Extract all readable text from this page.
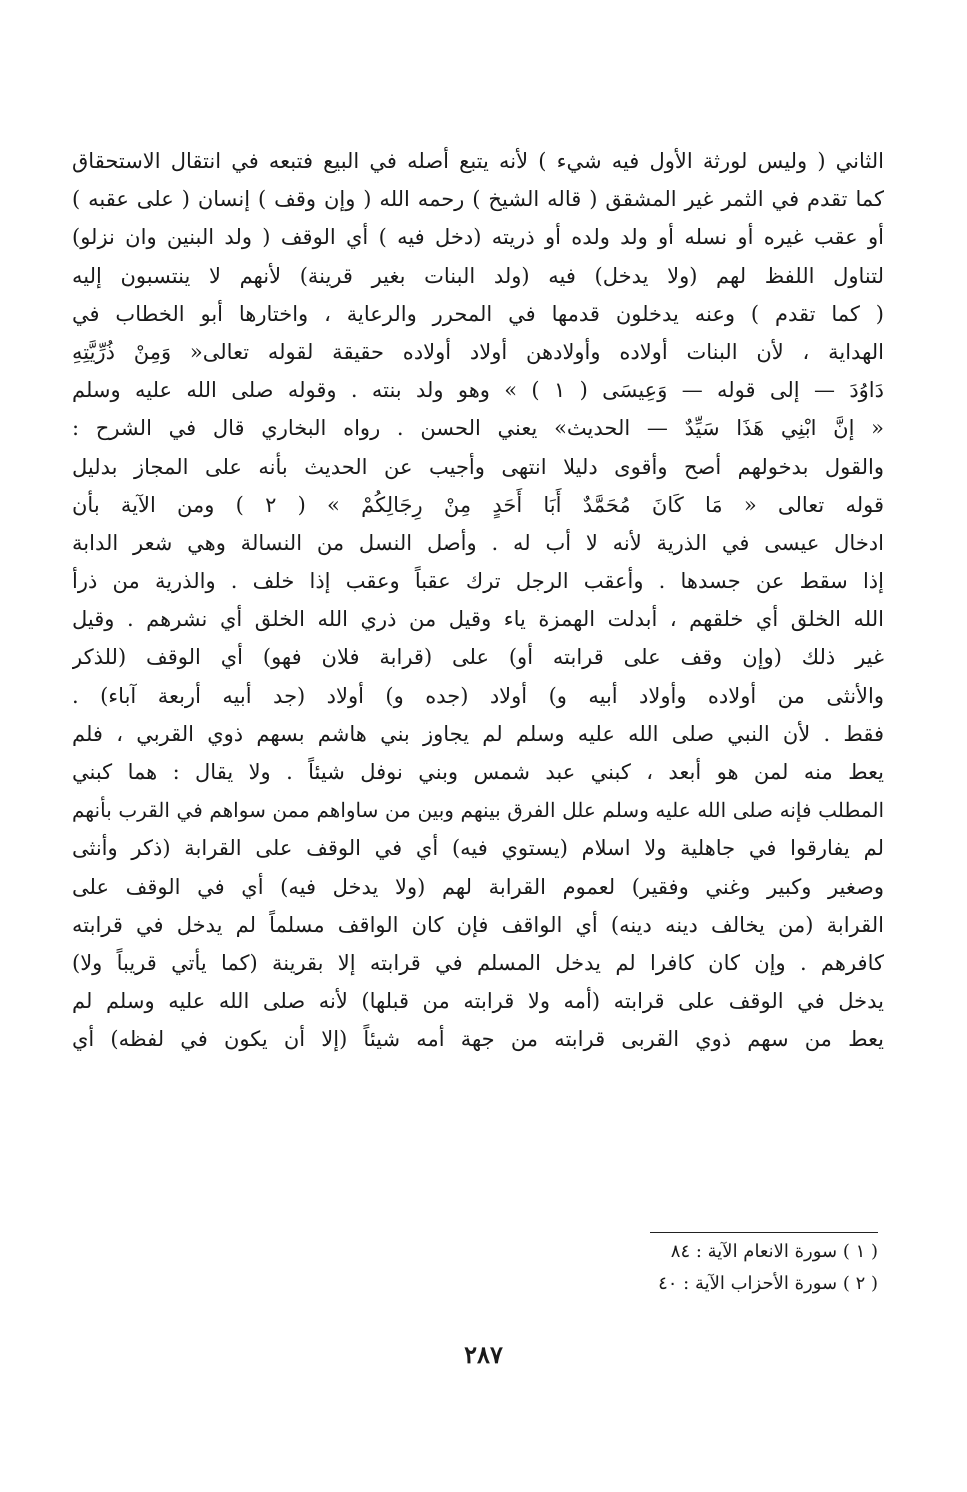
الثاني ( وليس لورثة الأول فيه شيء ) لأنه يتبع أصله في البيع فتبعه في انتقال الاستحقاق
كما تقدم في الثمر غير المشقق ( قاله الشيخ ) رحمه الله ( وإن وقف ) إنسان ( على عقبه )
أو عقب غيره أو نسله أو ولد ولده أو ذريته (دخل فيه ) أي الوقف ( ولد البنين وان نزلو)
لتناول اللفظ لهم (ولا يدخل) فيه (ولد البنات بغير قرينة) لأنهم لا ينتسبون إليه
( كما تقدم ) وعنه يدخلون قدمها في المحرر والرعاية ، واختارها أبو الخطاب في
الهداية ، لأن البنات أولاده وأولادهن أولاد أولاده حقيقة لقوله تعالى« وَمِنْ ذُرِّيَّتِهِ
دَاوُدَ — إلى قوله — وَعِيسَى ( ١ ) » وهو ولد بنته . وقوله صلى الله عليه وسلم
« إنَّ ابْنِي هَذَا سَيِّدٌ — الحديث» يعني الحسن . رواه البخاري قال في الشرح :
والقول بدخولهم أصح وأقوى دليلا انتهى وأجيب عن الحديث بأنه على المجاز بدليل
قوله تعالى « مَا كَانَ مُحَمَّدٌ أَبَا أَحَدٍ مِنْ رِجَالِكُمْ » ( ٢ ) ومن الآية بأن
ادخال عيسى في الذرية لأنه لا أب له . وأصل النسل من النسالة وهي شعر الدابة
إذا سقط عن جسدها . وأعقب الرجل ترك عقباً وعقب إذا خلف . والذرية من ذرأ
الله الخلق أي خلقهم ، أبدلت الهمزة ياء وقيل من ذري الله الخلق أي نشرهم . وقيل
غير ذلك (وإن وقف على قرابته أو) على (قرابة فلان فهو) أي الوقف (للذكر
والأنثى من أولاده وأولاد أبيه و) أولاد (جده و) أولاد (جد أبيه أربعة آباء) .
فقط . لأن النبي صلى الله عليه وسلم لم يجاوز بني هاشم بسهم ذوي القربي ، فلم
يعط منه لمن هو أبعد ، كبني عبد شمس وبني نوفل شيئاً . ولا يقال : هما كبني
المطلب فإنه صلى الله عليه وسلم علل الفرق بينهم وبين من ساواهم ممن سواهم في القرب بأنهم
لم يفارقوا في جاهلية ولا اسلام (يستوي فيه) أي في الوقف على القرابة (ذكر وأنثى
وصغير وكبير وغني وفقير) لعموم القرابة لهم (ولا يدخل فيه) أي في الوقف على
القرابة (من يخالف دينه دينه) أي الواقف فإن كان الواقف مسلماً لم يدخل في قرابته
كافرهم . وإن كان كافرا لم يدخل المسلم في قرابته إلا بقرينة (كما يأتي قريباً ولا)
يدخل في الوقف على قرابته (أمه ولا قرابته من قبلها) لأنه صلى الله عليه وسلم لم
يعط من سهم ذوي القربى قرابته من جهة أمه شيئاً (إلا أن يكون في لفظه) أي
( ١ ) سورة الانعام الآية : ٨٤
( ٢ ) سورة الأحزاب الآية : ٤٠
٢٨٧
